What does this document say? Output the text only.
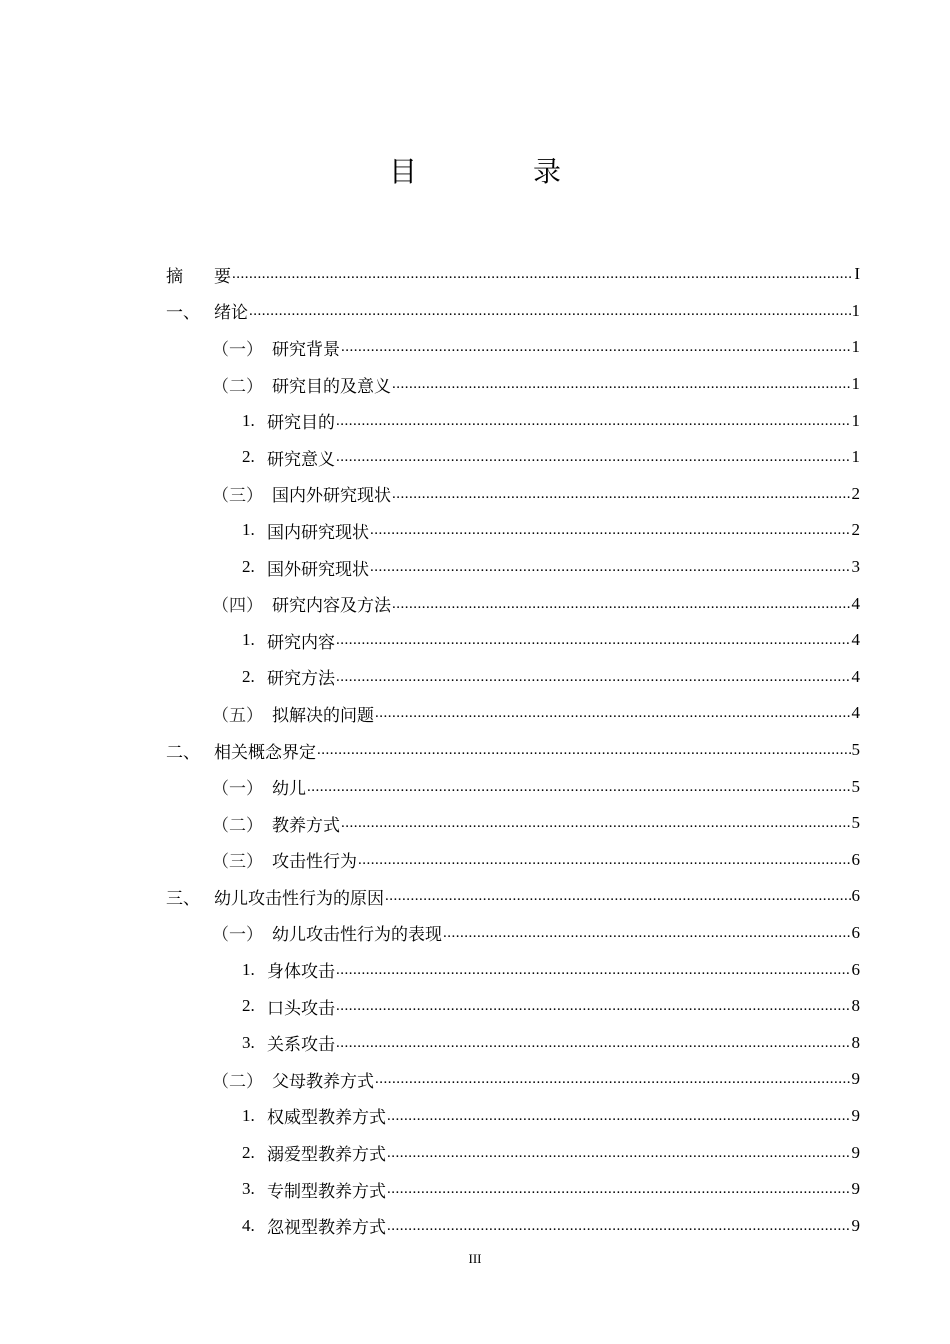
目　录
摘	要 .....	I
一、 绪论 .....	1
（一） 研究背景 .....	1
（二） 研究目的及意义 .....	1
1. 研究目的 .....	1
2. 研究意义 .....	1
（三） 国内外研究现状 .....	2
1. 国内研究现状 .....	2
2. 国外研究现状 .....	3
（四） 研究内容及方法 .....	4
1. 研究内容 .....	4
2. 研究方法 .....	4
（五） 拟解决的问题 .....	4
二、 相关概念界定 .....	5
（一） 幼儿 .....	5
（二） 教养方式 .....	5
（三） 攻击性行为 .....	6
三、 幼儿攻击性行为的原因 .....	6
（一） 幼儿攻击性行为的表现 .....	6
1. 身体攻击 .....	6
2. 口头攻击 .....	8
3. 关系攻击 .....	8
（二） 父母教养方式 .....	9
1. 权威型教养方式 .....	9
2. 溺爱型教养方式 .....	9
3. 专制型教养方式 .....	9
4. 忽视型教养方式 .....	9
III
